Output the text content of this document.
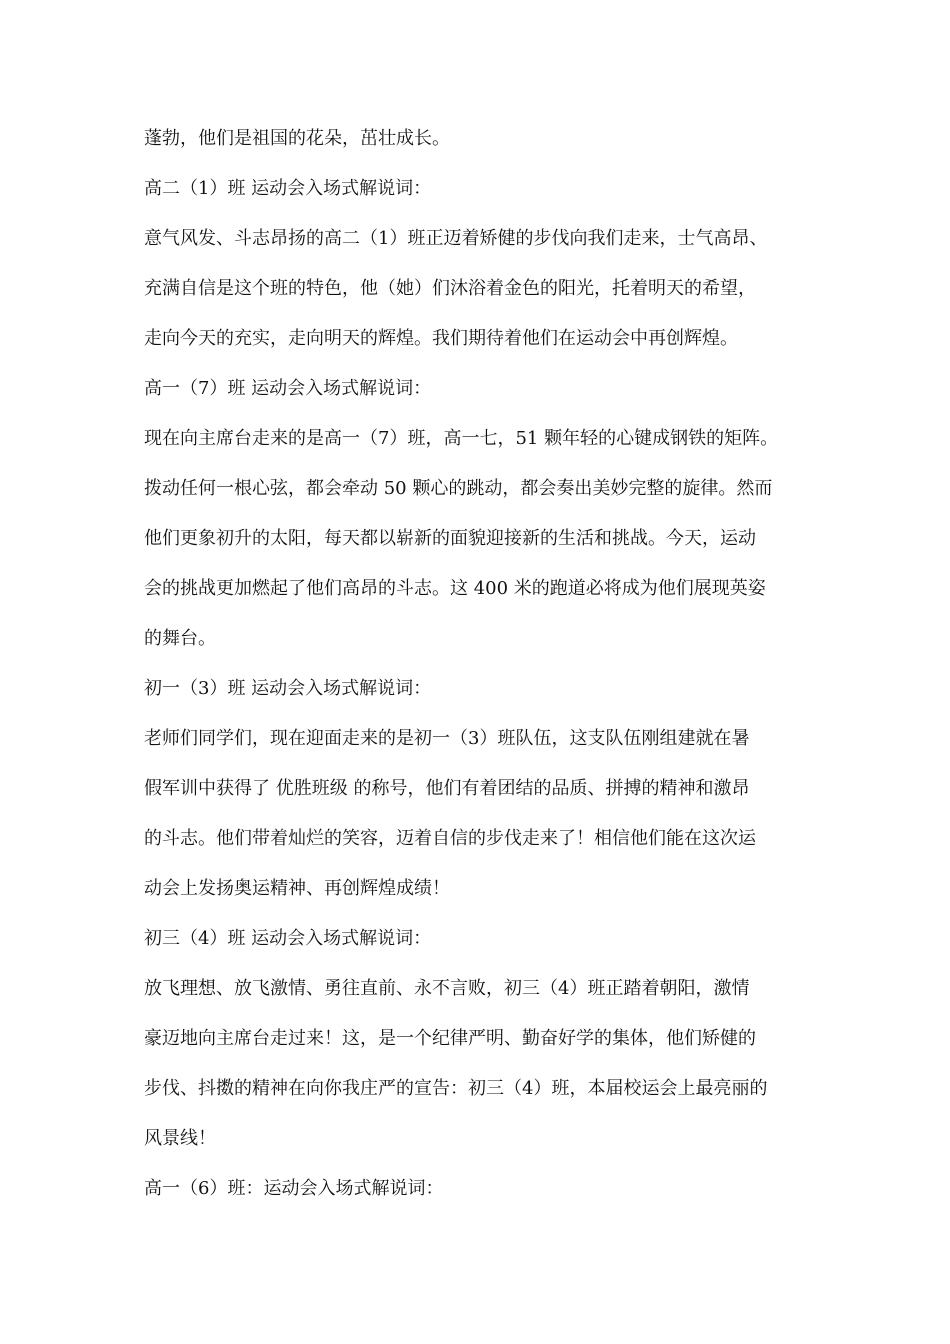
蓬勃，他们是祖国的花朵，茁壮成长。
高二（1）班 运动会入场式解说词：
意气风发、斗志昂扬的高二（1）班正迈着矫健的步伐向我们走来，士气高昂、
充满自信是这个班的特色，他（她）们沐浴着金色的阳光，托着明天的希望，
走向今天的充实，走向明天的辉煌。我们期待着他们在运动会中再创辉煌。
高一（7）班 运动会入场式解说词：
现在向主席台走来的是高一（7）班，高一七，51 颗年轻的心键成钢铁的矩阵。
拨动任何一根心弦，都会牵动 50 颗心的跳动，都会奏出美妙完整的旋律。然而
他们更象初升的太阳，每天都以崭新的面貌迎接新的生活和挑战。今天，运动
会的挑战更加燃起了他们高昂的斗志。这 400 米的跑道必将成为他们展现英姿
的舞台。
初一（3）班 运动会入场式解说词：
老师们同学们，现在迎面走来的是初一（3）班队伍，这支队伍刚组建就在暑
假军训中获得了 优胜班级 的称号，他们有着团结的品质、拼搏的精神和激昂
的斗志。他们带着灿烂的笑容，迈着自信的步伐走来了！相信他们能在这次运
动会上发扬奥运精神、再创辉煌成绩！
初三（4）班 运动会入场式解说词：
放飞理想、放飞激情、勇往直前、永不言败，初三（4）班正踏着朝阳，激情
豪迈地向主席台走过来！这，是一个纪律严明、勤奋好学的集体，他们矫健的
步伐、抖擞的精神在向你我庄严的宣告：初三（4）班，本届校运会上最亮丽的
风景线！
高一（6）班：运动会入场式解说词：
